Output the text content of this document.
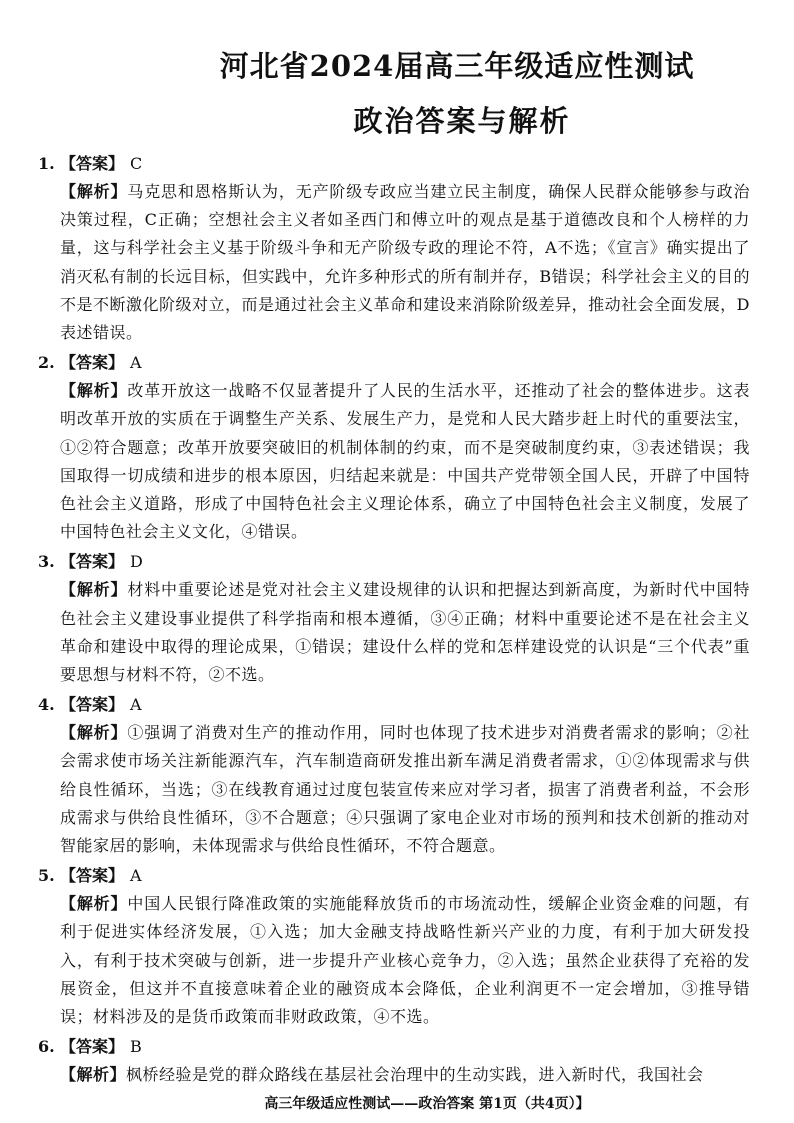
河北省2024届高三年级适应性测试
政治答案与解析
1. 【答案】 C
【解析】马克思和恩格斯认为，无产阶级专政应当建立民主制度，确保人民群众能够参与政治决策过程，C正确；空想社会主义者如圣西门和傅立叶的观点是基于道德改良和个人榜样的力量，这与科学社会主义基于阶级斗争和无产阶级专政的理论不符，A不选；《宣言》确实提出了消灭私有制的长远目标，但实践中，允许多种形式的所有制并存，B错误；科学社会主义的目的不是不断激化阶级对立，而是通过社会主义革命和建设来消除阶级差异，推动社会全面发展，D表述错误。
2. 【答案】 A
【解析】改革开放这一战略不仅显著提升了人民的生活水平，还推动了社会的整体进步。这表明改革开放的实质在于调整生产关系、发展生产力，是党和人民大踏步赶上时代的重要法宝，①②符合题意；改革开放要突破旧的机制体制的约束，而不是突破制度约束，③表述错误；我国取得一切成绩和进步的根本原因，归结起来就是：中国共产党带领全国人民，开辟了中国特色社会主义道路，形成了中国特色社会主义理论体系，确立了中国特色社会主义制度，发展了中国特色社会主义文化，④错误。
3. 【答案】 D
【解析】材料中重要论述是党对社会主义建设规律的认识和把握达到新高度，为新时代中国特色社会主义建设事业提供了科学指南和根本遵循，③④正确；材料中重要论述不是在社会主义革命和建设中取得的理论成果，①错误；建设什么样的党和怎样建设党的认识是“三个代表”重要思想与材料不符，②不选。
4. 【答案】 A
【解析】①强调了消费对生产的推动作用，同时也体现了技术进步对消费者需求的影响；②社会需求使市场关注新能源汽车，汽车制造商研发推出新车满足消费者需求，①②体现需求与供给良性循环，当选；③在线教育通过过度包装宣传来应对学习者，损害了消费者利益，不会形成需求与供给良性循环，③不合题意；④只强调了家电企业对市场的预判和技术创新的推动对智能家居的影响，未体现需求与供给良性循环，不符合题意。
5. 【答案】 A
【解析】中国人民银行降准政策的实施能释放货币的市场流动性，缓解企业资金难的问题，有利于促进实体经济发展，①入选；加大金融支持战略性新兴产业的力度，有利于加大研发投入，有利于技术突破与创新，进一步提升产业核心竞争力，②入选；虽然企业获得了充裕的发展资金，但这并不直接意味着企业的融资成本会降低，企业利润更不一定会增加，③推导错误；材料涉及的是货币政策而非财政政策，④不选。
6. 【答案】 B
【解析】枫桥经验是党的群众路线在基层社会治理中的生动实践，进入新时代，我国社会
高三年级适应性测试——政治答案 第1页（共4页）】
